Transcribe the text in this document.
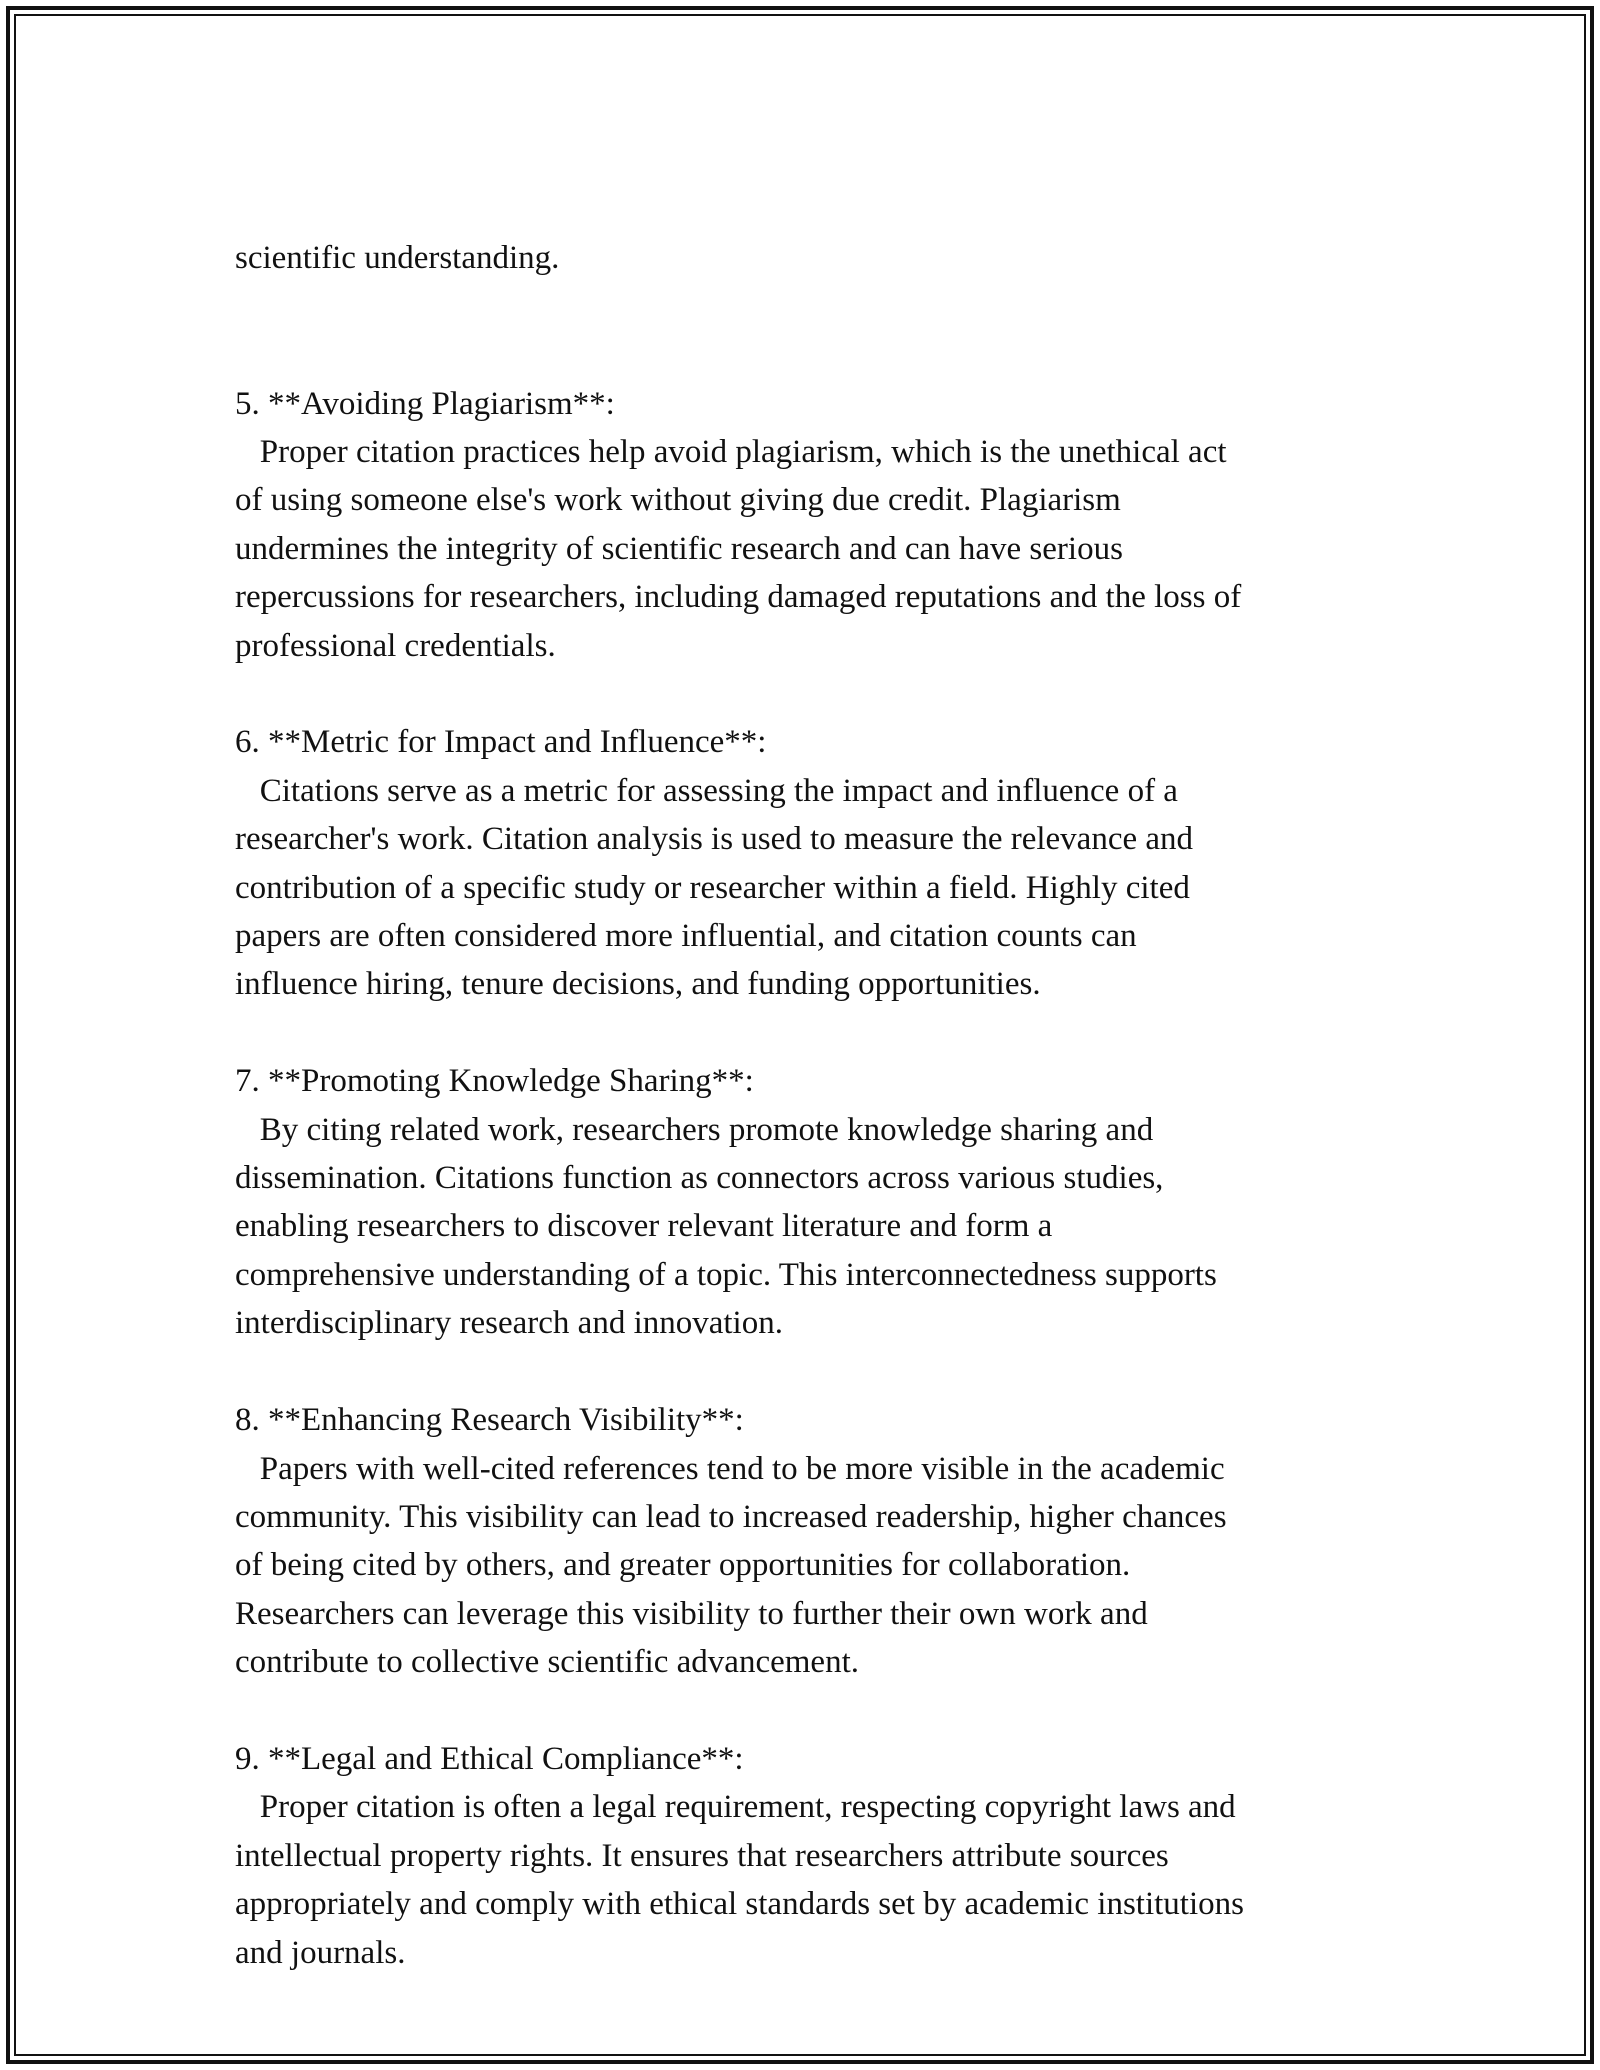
scientific understanding.

5. **Avoiding Plagiarism**:

Proper citation practices help avoid plagiarism, which is the unethical act

of using someone else's work without giving due credit. Plagiarism

undermines the integrity of scientific research and can have serious

repercussions for researchers, including damaged reputations and the loss of

professional credentials.

6. **Metric for Impact and Influence**:

Citations serve as a metric for assessing the impact and influence of a

researcher's work. Citation analysis is used to measure the relevance and

contribution of a specific study or researcher within a field. Highly cited

papers are often considered more influential, and citation counts can

influence hiring, tenure decisions, and funding opportunities.

7. **Promoting Knowledge Sharing**:

By citing related work, researchers promote knowledge sharing and

dissemination. Citations function as connectors across various studies,

enabling researchers to discover relevant literature and form a

comprehensive understanding of a topic. This interconnectedness supports

interdisciplinary research and innovation.

8. **Enhancing Research Visibility**:

Papers with well-cited references tend to be more visible in the academic

community. This visibility can lead to increased readership, higher chances

of being cited by others, and greater opportunities for collaboration.

Researchers can leverage this visibility to further their own work and

contribute to collective scientific advancement.

9. **Legal and Ethical Compliance**:

Proper citation is often a legal requirement, respecting copyright laws and

intellectual property rights. It ensures that researchers attribute sources

appropriately and comply with ethical standards set by academic institutions

and journals.
